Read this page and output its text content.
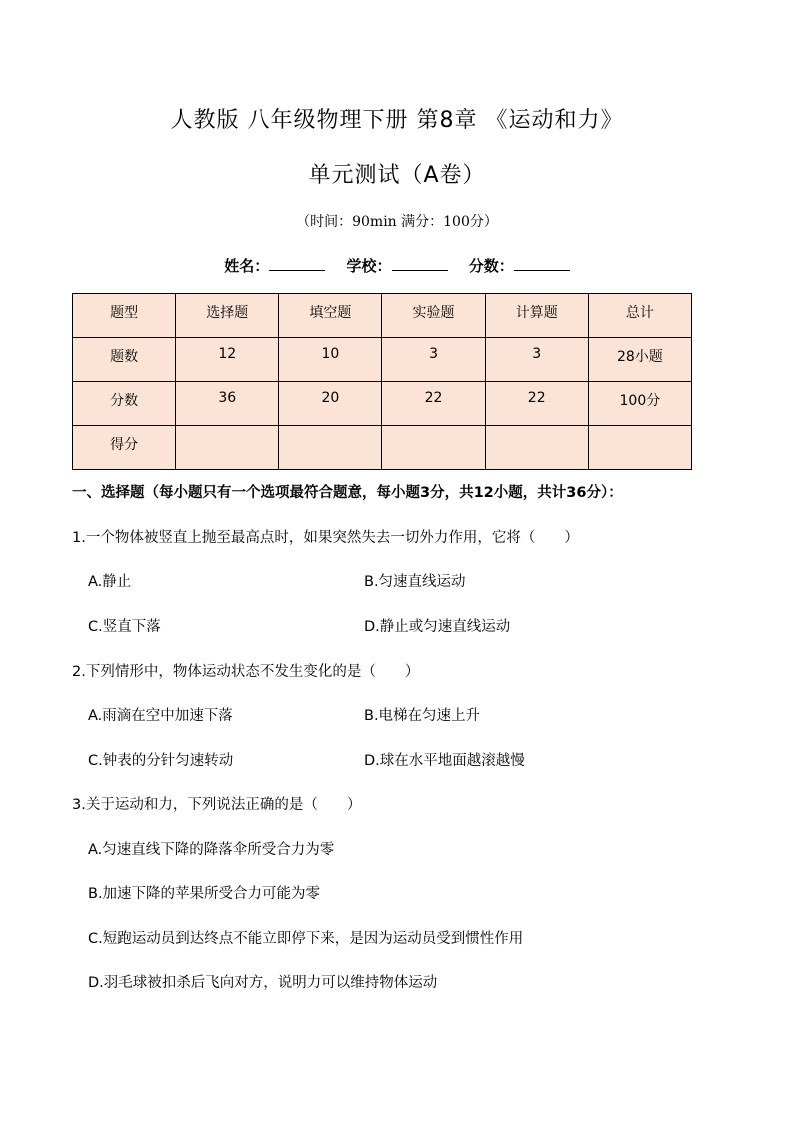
人教版 八年级物理下册 第8章 《运动和力》
单元测试（A卷）
（时间：90min 满分：100分）
姓名：	学校：	分数：
题型	选择题	填空题	实验题	计算题	总计
题数	12	10	3	3	28小题
分数	36	20	22	22	100分
得分					
一、选择题（每小题只有一个选项最符合题意，每小题3分，共12小题，共计36分）：
1.一个物体被竖直上抛至最高点时，如果突然失去一切外力作用，它将（　　）
A.静止	B.匀速直线运动
C.竖直下落	D.静止或匀速直线运动
2.下列情形中，物体运动状态不发生变化的是（　　）
A.雨滴在空中加速下落	B.电梯在匀速上升
C.钟表的分针匀速转动	D.球在水平地面越滚越慢
3.关于运动和力，下列说法正确的是（　　）
A.匀速直线下降的降落伞所受合力为零
B.加速下降的苹果所受合力可能为零
C.短跑运动员到达终点不能立即停下来，是因为运动员受到惯性作用
D.羽毛球被扣杀后飞向对方，说明力可以维持物体运动
